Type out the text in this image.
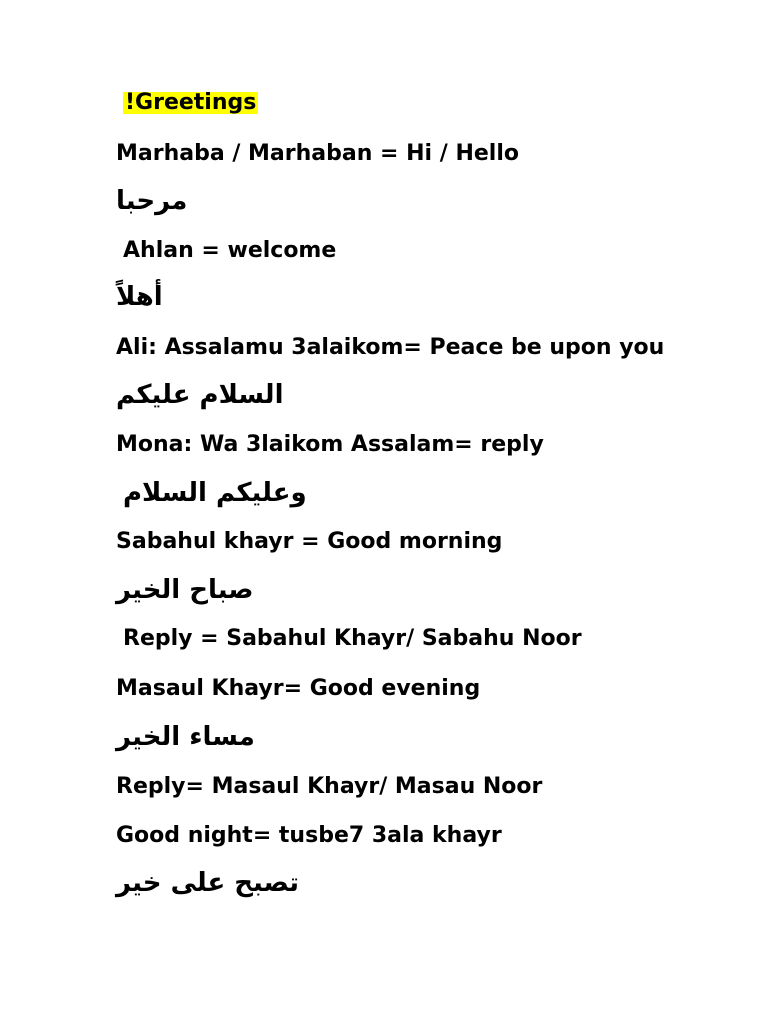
!Greetings
Marhaba / Marhaban = Hi / Hello
مرحبا
Ahlan = welcome
أهلاً
Ali: Assalamu 3alaikom= Peace be upon you
السلام عليكم
Mona: Wa 3laikom Assalam= reply
وعليكم السلام
Sabahul khayr = Good morning
صباح الخير
Reply = Sabahul Khayr/ Sabahu Noor
Masaul Khayr= Good evening
مساء الخير
Reply= Masaul Khayr/ Masau Noor
Good night= tusbe7 3ala khayr
تصبح على خير
